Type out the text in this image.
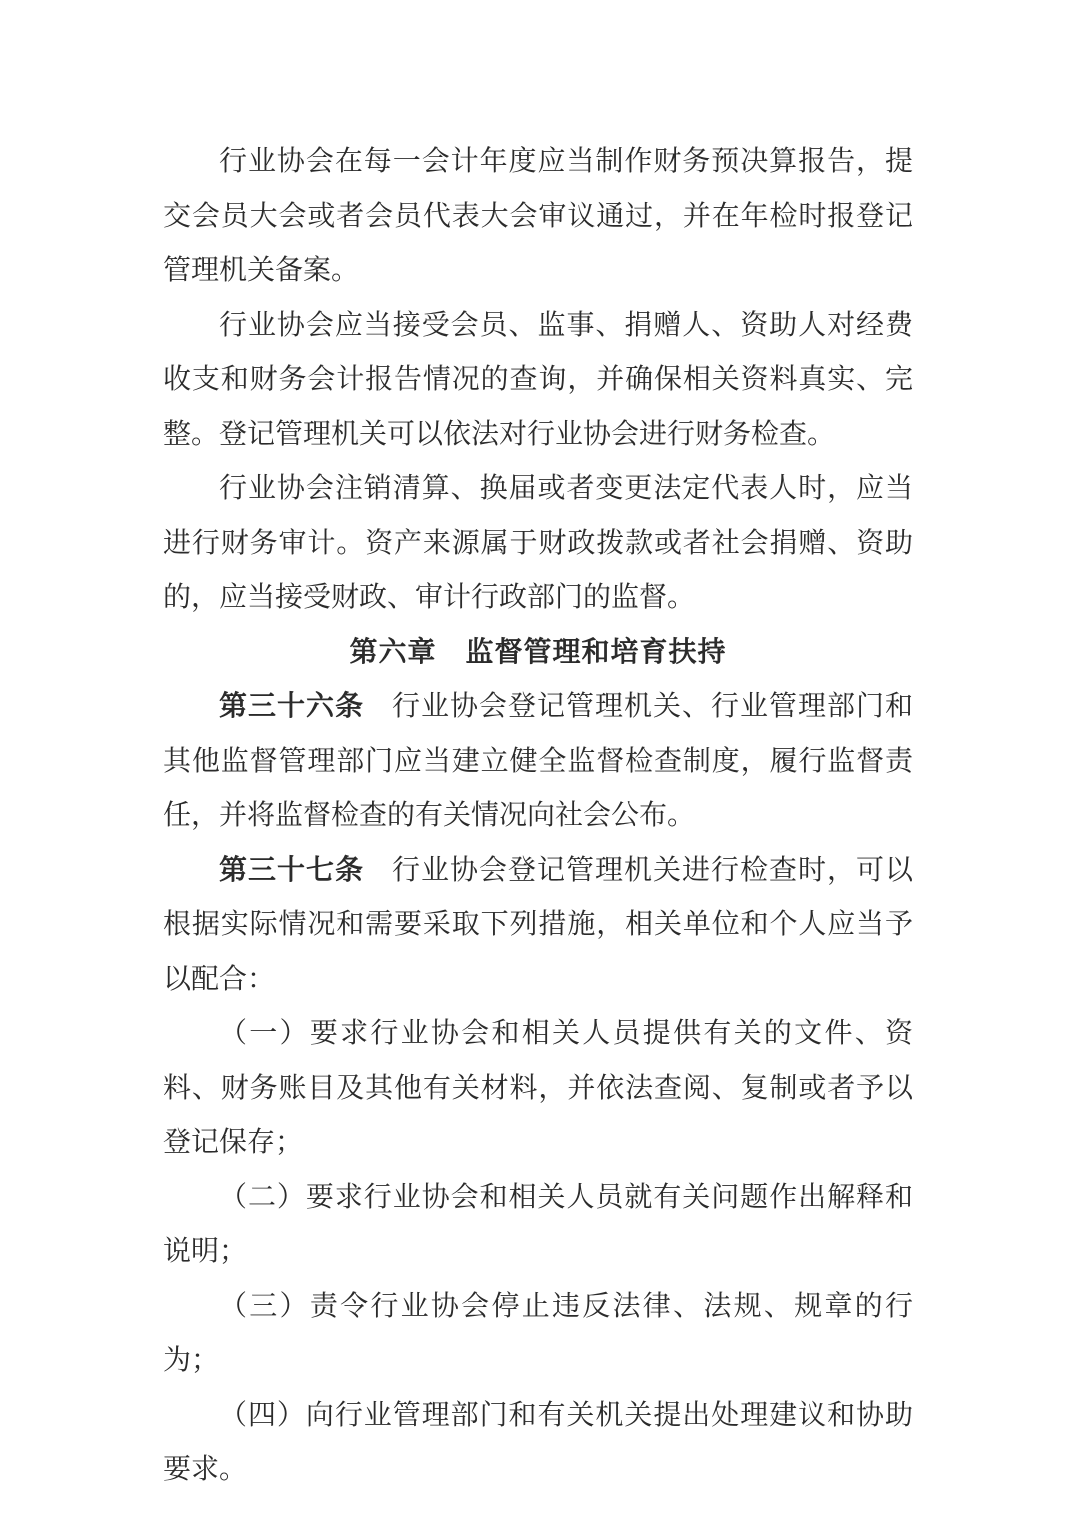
行业协会在每一会计年度应当制作财务预决算报告，提交会员大会或者会员代表大会审议通过，并在年检时报登记管理机关备案。

行业协会应当接受会员、监事、捐赠人、资助人对经费收支和财务会计报告情况的查询，并确保相关资料真实、完整。登记管理机关可以依法对行业协会进行财务检查。

行业协会注销清算、换届或者变更法定代表人时，应当进行财务审计。资产来源属于财政拨款或者社会捐赠、资助的，应当接受财政、审计行政部门的监督。

第六章　监督管理和培育扶持

第三十六条 行业协会登记管理机关、行业管理部门和其他监督管理部门应当建立健全监督检查制度，履行监督责任，并将监督检查的有关情况向社会公布。

第三十七条 行业协会登记管理机关进行检查时，可以根据实际情况和需要采取下列措施，相关单位和个人应当予以配合：

（一）要求行业协会和相关人员提供有关的文件、资料、财务账目及其他有关材料，并依法查阅、复制或者予以登记保存；

（二）要求行业协会和相关人员就有关问题作出解释和说明；

（三）责令行业协会停止违反法律、法规、规章的行为；

（四）向行业管理部门和有关机关提出处理建议和协助要求。
